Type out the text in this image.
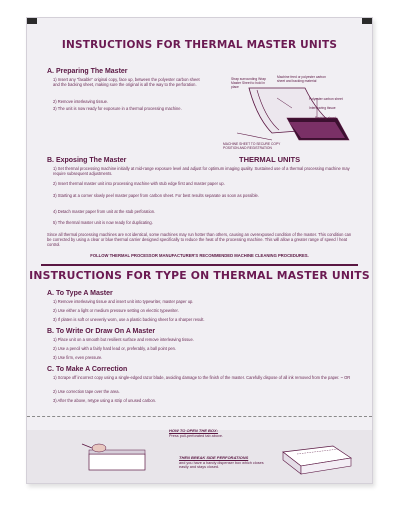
INSTRUCTIONS FOR THERMAL MASTER UNITS
A. Preparing The Master
1) Insert any "faxable" original copy, face up, between the polyester carbon sheet and the backing sheet, making sure the original is all the way to the perforation.
2) Remove interleaving tissue.
3) The unit is now ready for exposure in a thermal processing machine.
Strap surrounding Wrap Master Sheet to hold in place
Machine feed or polyester carbon sheet and backing material
Polyester carbon sheet
Interleaving tissue
Backing sheet
MACHINE SHEET TO SECURE COPY POSITION AND REGISTRATION
THERMAL UNITS
B. Exposing The Master
1) Set thermal processing machine initially at mid-range exposure level and adjust for optimum imaging quality. Sustained use of a thermal processing machine may require subsequent adjustments.
2) Insert thermal master unit into processing machine with stub edge first and master paper up.
3) Starting at a corner slowly peel master paper from carbon sheet. For best results separate as soon as possible.
4) Detach master paper from unit at the stub perforation.
5) The thermal master unit is now ready for duplicating.
Since all thermal processing machines are not identical, some machines may run hotter than others, causing an overexposed condition of the master. This condition can be corrected by using a clear or blue thermal carrier designed specifically to reduce the heat of the processing machine. This will allow a greater range of speed / heat control.
FOLLOW THERMAL PROCESSOR MANUFACTURER'S RECOMMENDED MACHINE CLEANING PROCEDURES.
INSTRUCTIONS FOR TYPE ON THERMAL MASTER UNITS
A. To Type A Master
1) Remove interleaving tissue and insert unit into typewriter, master paper up.
2) Use either a light or medium pressure setting on electric typewriter.
3) If platen is soft or unevenly worn, use a plastic backing sheet for a sharper result.
B. To Write Or Draw On A Master
1) Place unit on a smooth but resilient surface and remove interleaving tissue.
2) Use a pencil with a fairly hard lead or, preferably, a ball point pen.
3) Use firm, even pressure.
C. To Make A Correction
1) Scrape off incorrect copy using a single-edged razor blade, avoiding damage to the finish of the master. Carefully dispose of all ink removed from the paper. ~ OR
2) Use correction tape over the area.
3) After the above, retype using a strip of unused carbon.
HOW TO OPEN THE BOX:
Press pull-perforated tab above.
THEN BREAK SIDE PERFORATIONS
and you have a handy dispenser box which closes easily and stays closed.
